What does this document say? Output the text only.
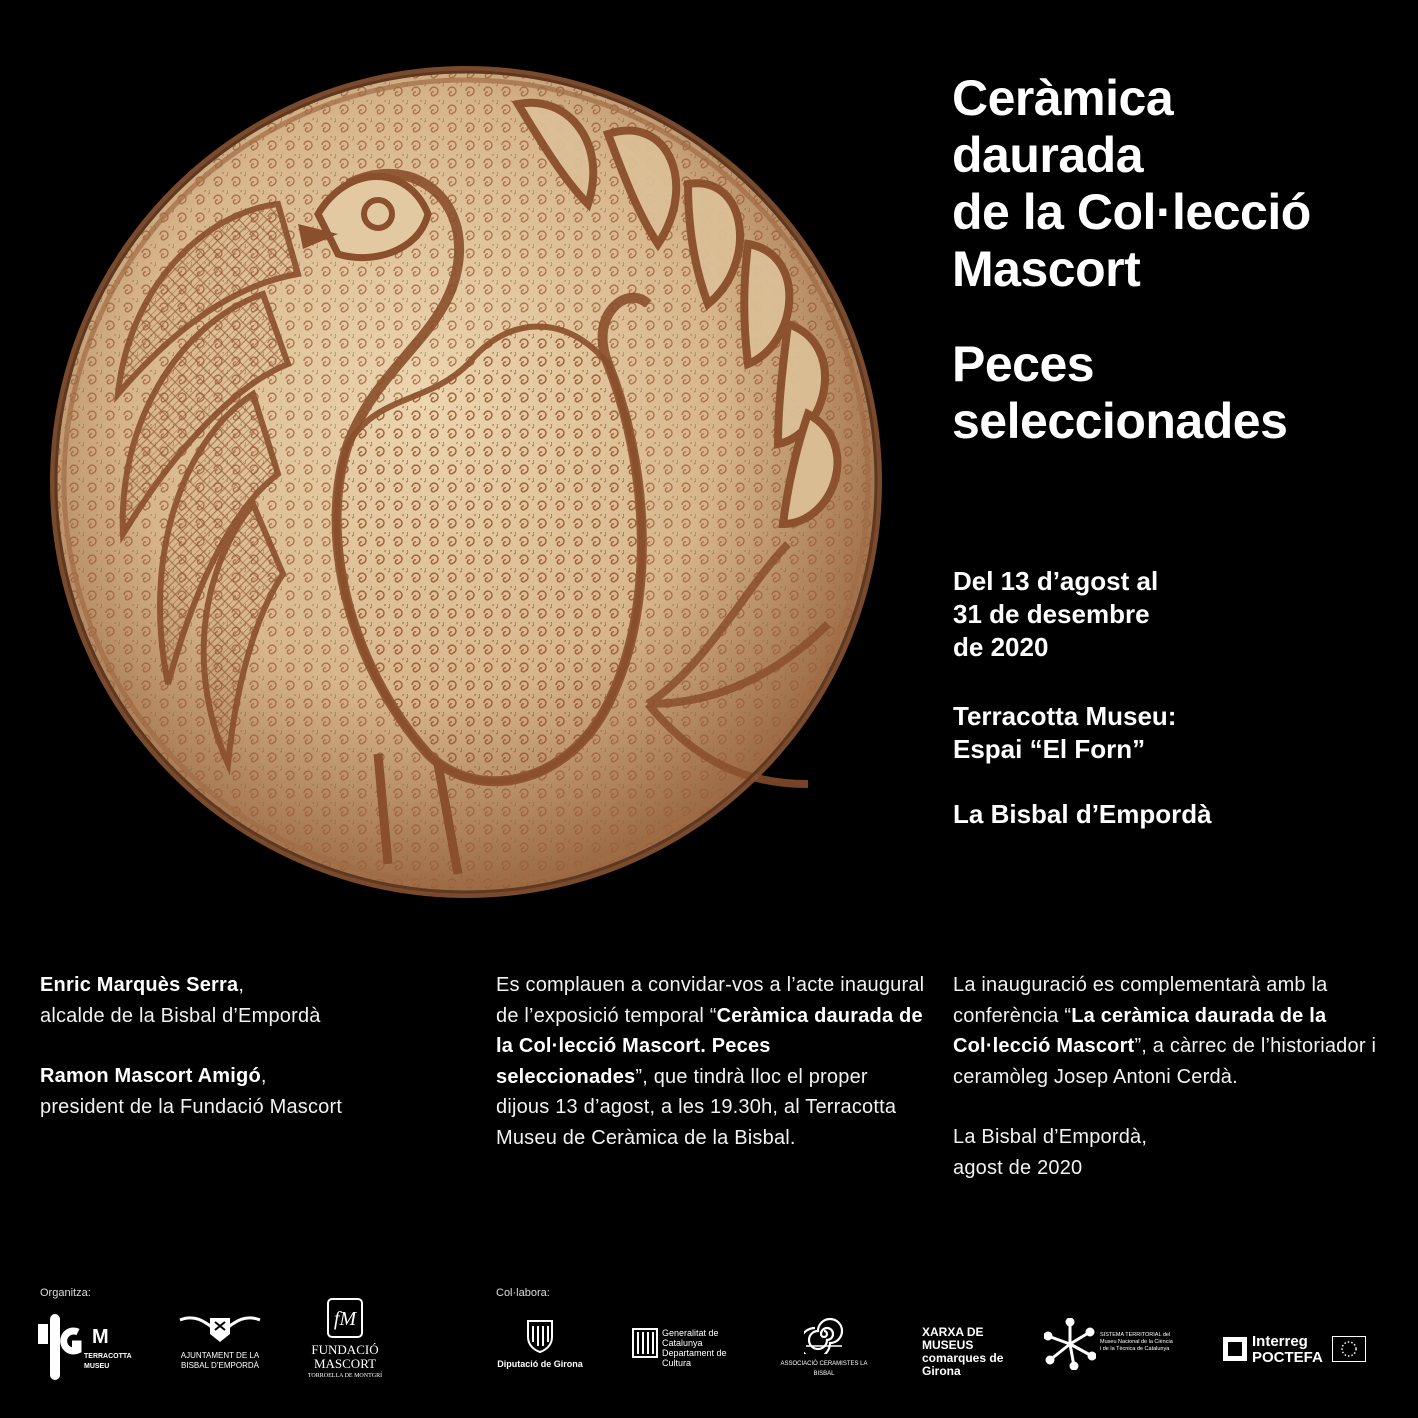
Ceràmica
daurada
de la Col·lecció
Mascort
Peces
seleccionades
Del 13 d’agost al
31 de desembre
de 2020
Terracotta Museu:
Espai “El Forn”
La Bisbal d’Empordà

Enric Marquès Serra,

alcalde de la Bisbal d’Empordà

Ramon Mascort Amigó,

president de la Fundació Mascort

Es complauen a convidar-vos a l’acte inaugural de l’exposició temporal “Ceràmica daurada de la Col·lecció Mascort. Peces seleccionades”, que tindrà lloc el proper dijous 13 d’agost, a les 19.30h, al Terracotta Museu de Ceràmica de la Bisbal.

La inauguració es complementarà amb la conferència “La ceràmica daurada de la Col·lecció Mascort”, a càrrec de l’historiador i ceramòleg Josep Antoni Cerdà.

La Bisbal d’Empordà,

agost de 2020

Organitza:	Col·labora:
M
TERRACOTTA MUSEU
AJUNTAMENT DE LA BISBAL D’EMPORDÀ
fM
FUNDACIÓ MASCORT
TORROELLA DE MONTGRÍ
Diputació de Girona
Generalitat de Catalunya Departament de Cultura	ASSOCIACIÓ CERAMISTES LA BISBAL
XARXA DE MUSEUS comarques de Girona
SISTEMA TERRITORIAL del Museu Nacional de la Ciència i de la Tècnica de Catalunya	Interreg POCTEFA
